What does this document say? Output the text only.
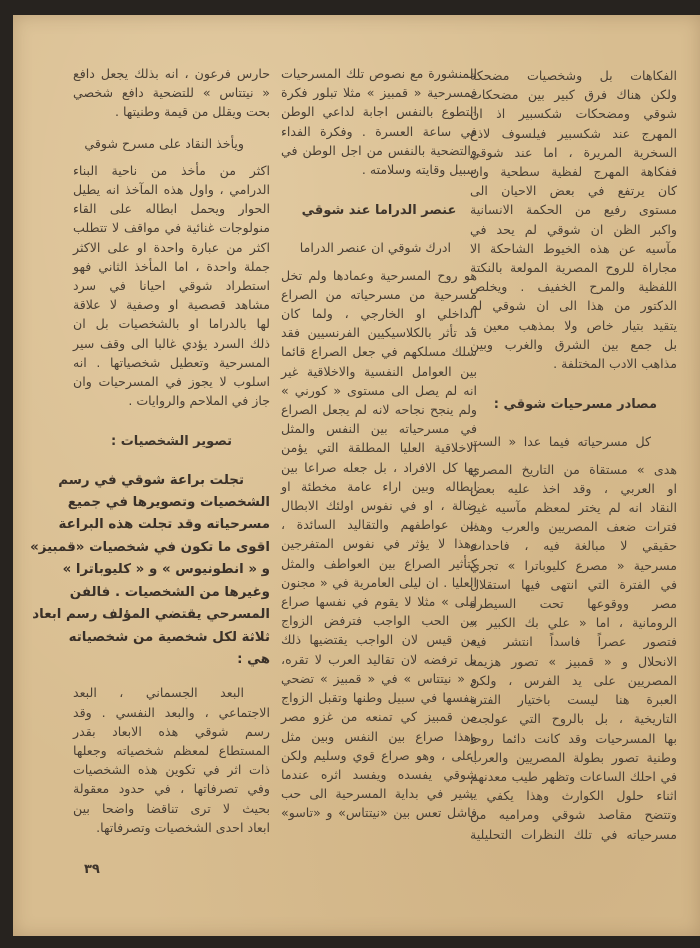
الفكاهات بل وشخصيات مضحكة
ولكن هناك فرق كبير بين مضحكات
شوقي ومضحكات شكسبير اذ ان
المهرج عند شكسبير فيلسوف لاذع
السخرية المريرة ، اما عند شوقي
ففكاهة المهرج لفظية سطحية وان
كان يرتفع في بعض الاحيان الى
مستوى رفيع من الحكمة الانسانية
واكبر الظن ان شوقي لم يحد في
مآسيه عن هذه الخيوط الشاحكة الا
مجاراة للروح المصرية المولعة بالنكتة
اللفظية والمرح الخفيف . ويخلص
الدكتور من هذا الى ان شوقي لم
يتقيد بتيار خاص ولا بمذهب معين ،
بل جمع بين الشرق والغرب وبين
مذاهب الادب المختلفة .

مصادر مسرحيات شوقي :

كل مسرحياته فيما عدا « الست
هدى » مستقاة من التاريخ المصري
او العربي ، وقد اخذ عليه بعض
النقاد انه لم يختر لمعظم مآسيه غير
فترات ضعف المصريين والعرب وهذا
حقيقي لا مبالغة فيه ، فاحداث
مسرحية « مصرع كليوباترا » تجري
في الفترة التي انتهى فيها استقلال
مصر ووقوعها تحت السيطرة
الرومانية ، اما « علي بك الكبير »
فتصور عصراً فاسداً انتشر فيه
الانحلال و « قمبيز » تصور هزيمة
المصريين على يد الفرس ، ولكن
العبرة هنا ليست باختيار الفترة
التاريخية ، بل بالروح التي عولجت
بها المسرحيات وقد كانت دائما روحا
وطنية تصور بطولة المصريين والعرب
في احلك الساعات وتظهر طيب معدنهم
اثناء حلول الكوارث وهذا يكفي .
وتتضح مقاصد شوقي ومراميه من
مسرحياته في تلك النظرات التحليلية

المنشورة مع نصوص تلك المسرحيات
فمسرحية « قمبيز » مثلا تبلور فكرة
التطوع بالنفس اجابة لداعي الوطن
في ساعة العسرة . وفكرة الفداء
والتضحية بالنفس من اجل الوطن في
سبيل وقايته وسلامته .

عنصر الدراما عند شوقي

ادرك شوقي ان عنصر الدراما
هو روح المسرحية وعمادها ولم تخل
مسرحية من مسرحياته من الصراع
الداخلي او الخارجي ، ولما كان
قد تأثر بالكلاسيكيين الفرنسيين فقد
سلك مسلكهم في جعل الصراع قائما
بين العوامل النفسية والاخلاقية غير
انه لم يصل الى مستوى « كورني »
ولم ينجح نجاحه لانه لم يجعل الصراع
في مسرحياته بين النفس والمثل
الاخلاقية العليا المطلقة التي يؤمن
بها كل الافراد ، بل جعله صراعا بين
ابطاله وبين اراء عامة مخطئة او
ضالة ، او في نفوس اولئك الابطال
بين عواطفهم والتقاليد السائدة ،
وهذا لا يؤثر في نفوس المتفرجين
كتأثير الصراع بين العواطف والمثل
العليا . ان ليلى العامرية في « مجنون
ليلى » مثلا لا يقوم في نفسها صراع
بين الحب الواجب فترفض الزواج
من قيس لان الواجب يقتضيها ذلك
بل ترفضه لان تقاليد العرب لا تقره،
و « نيتتاس » في « قمبيز » تضحي
بنفسها في سبيل وطنها وتقبل الزواج
من قمبيز كي تمنعه من غزو مصر
وهذا صراع بين النفس وبين مثل
اعلى ، وهو صراع قوي وسليم ولكن
شوقي يفسده ويفسد اثره عندما
يشير في بداية المسرحية الى حب
فاشل تعس بين «نيتتاس» و «تاسو»

حارس فرعون ، انه بذلك يجعل دافع
« نيتتاس » للتضحية دافع شخصي
بحت ويقلل من قيمة وطنيتها .

ويأخذ النقاد على مسرح شوقي
اكثر من مأخذ من ناحية البناء
الدرامي ، واول هذه المآخذ انه يطيل
الحوار ويحمل ابطاله على القاء
منولوجات غنائية في مواقف لا تتطلب
اكثر من عبارة واحدة او على الاكثر
جملة واحدة ، اما المأخذ الثاني فهو
استطراد شوقي احيانا في سرد
مشاهد قصصية او وصفية لا علاقة
لها بالدراما او بالشخصيات بل ان
ذلك السرد يؤدي غالبا الى وقف سير
المسرحية وتعطيل شخصياتها . انه
اسلوب لا يجوز في المسرحيات وان
جاز في الملاحم والروايات .

تصوير الشخصيات :

تجلت براعة شوقي في رسم
الشخصيات وتصويرها في جميع
مسرحياته وقد تجلت هذه البراعة
اقوى ما تكون في شخصيات «قمبيز»
و « انطونيوس » و « كليوباترا »
وغيرها من الشخصيات . فالفن
المسرحي يقتضي المؤلف رسم ابعاد
ثلاثة لكل شخصية من شخصياته
هي :

البعد الجسماني ، البعد
الاجتماعي ، والبعد النفسي . وقد
رسم شوقي هذه الابعاد بقدر
المستطاع لمعظم شخصياته وجعلها
ذات اثر في تكوين هذه الشخصيات
وفي تصرفاتها ، في حدود معقولة
بحيث لا ترى تناقضا واضحا بين
ابعاد احدى الشخصيات وتصرفاتها.

٣٩
